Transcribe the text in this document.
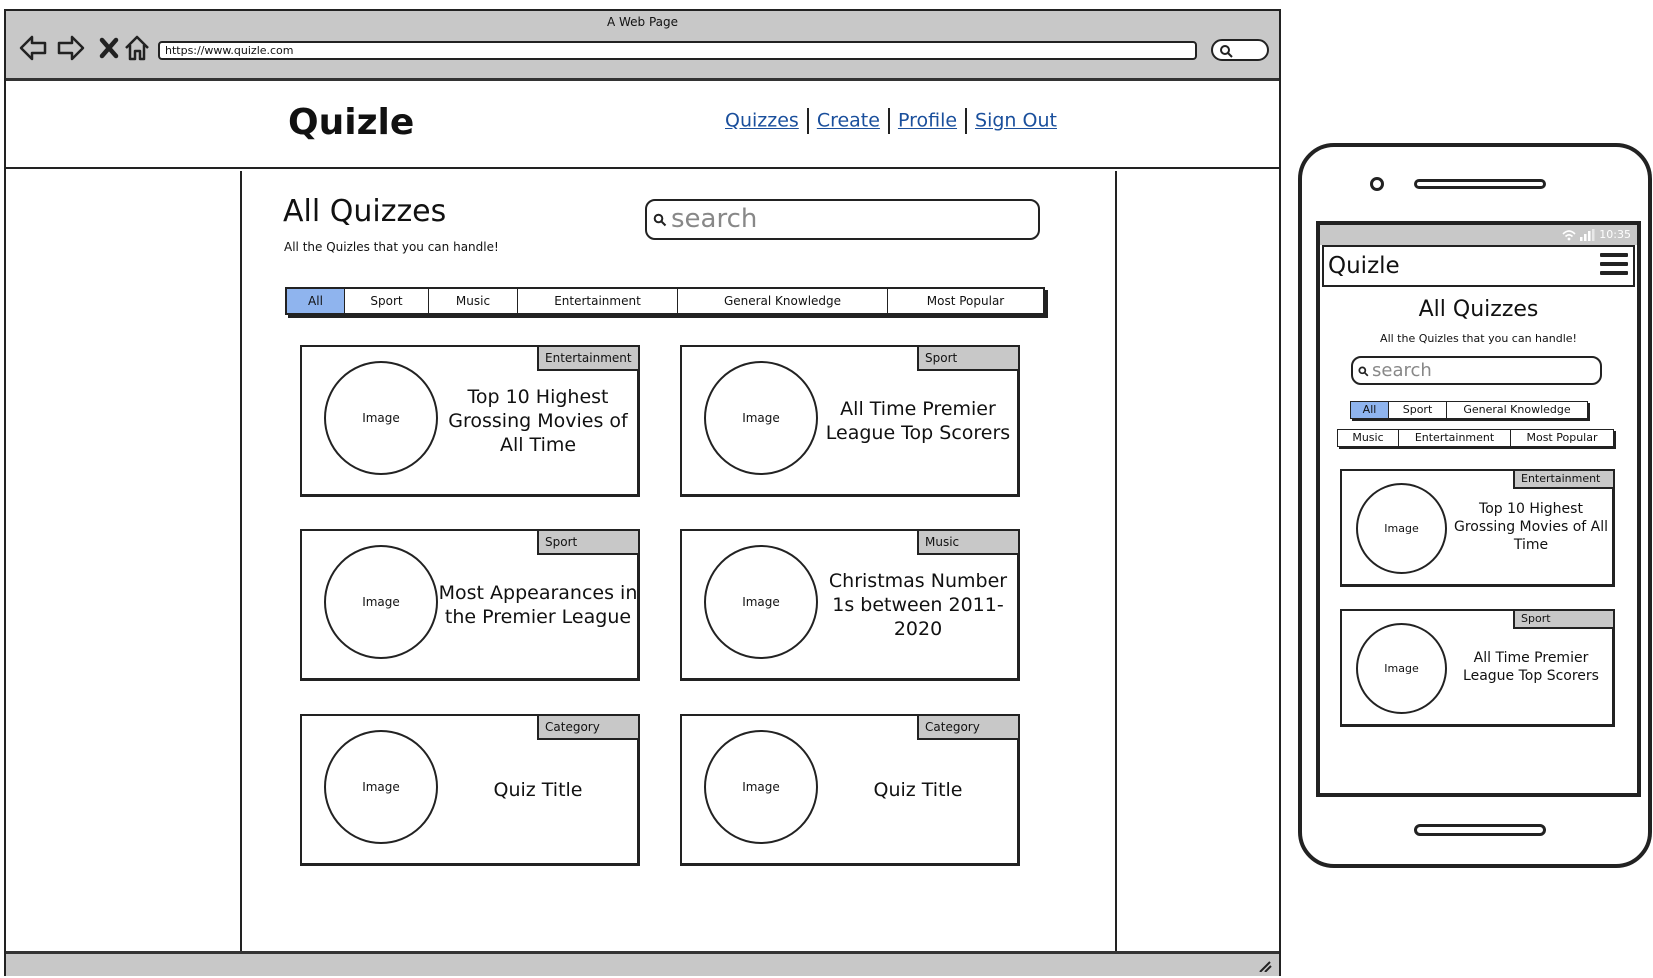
A Web Page
https://www.quizle.com
Quizle	Quizzes Create Profile Sign Out
All Quizzes
All the Quizles that you can handle!
search
All	Sport	Music	Entertainment	General Knowledge	Most Popular
Image
Top 10 Highest Grossing Movies of All Time
Entertainment
Image	All Time Premier League Top Scorers
Sport
Image	Most Appearances in the Premier League
Sport
Image
Christmas Number 1s between 2011-2020
Music
Image	Quiz Title
Category
Image	Quiz Title
Category
10:35
Quizle
All Quizzes
All the Quizles that you can handle!
search
All	Sport	General Knowledge
Music	Entertainment	Most Popular
Image
Top 10 Highest Grossing Movies of All Time
Entertainment
Image
All Time Premier League Top Scorers
Sport
